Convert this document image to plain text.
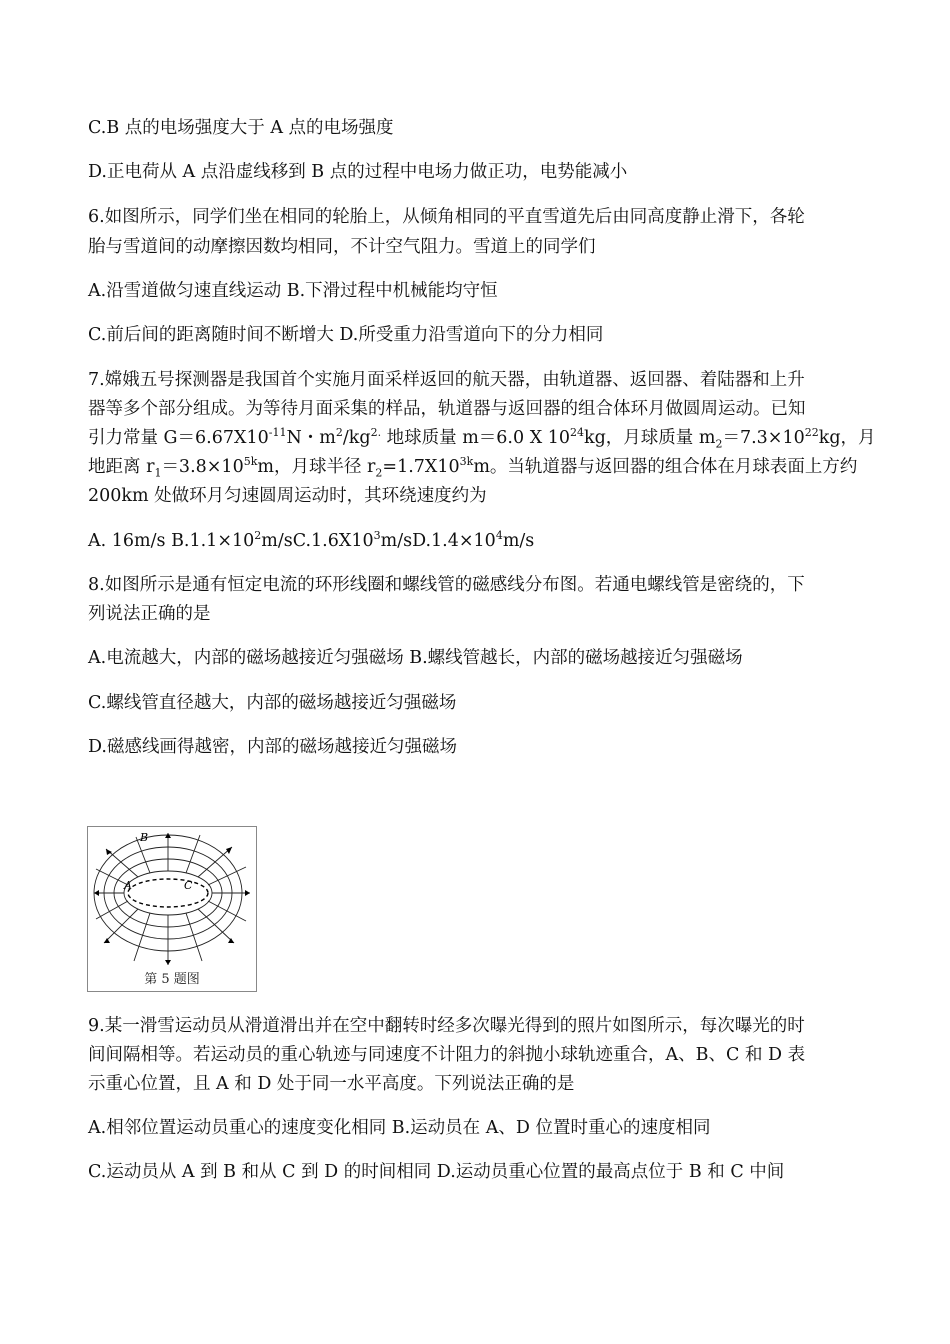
C.B 点的电场强度大于 A 点的电场强度

D.正电荷从 A 点沿虚线移到 B 点的过程中电场力做正功，电势能减小

6.如图所示，同学们坐在相同的轮胎上，从倾角相同的平直雪道先后由同高度静止滑下，各轮

胎与雪道间的动摩擦因数均相同，不计空气阻力。雪道上的同学们

A.沿雪道做匀速直线运动 B.下滑过程中机械能均守恒

C.前后间的距离随时间不断增大 D.所受重力沿雪道向下的分力相同

7.嫦娥五号探测器是我国首个实施月面采样返回的航天器，由轨道器、返回器、着陆器和上升

器等多个部分组成。为等待月面采集的样品，轨道器与返回器的组合体环月做圆周运动。已知

引力常量 $G=6.67X10^{-11}N$・$m^2/kg^{2.}$ 地球质量 m＝6.0 X $10^{24}kg$，月球质量 $m_2=7.3\times 10^{22}kg$，月

地距离 $r_1=3.8\times 10^{5k}m$，月球半径 $r_2=1.7X10^{3k}m$。当轨道器与返回器的组合体在月球表面上方约

200km 处做环月匀速圆周运动时，其环绕速度约为

A. 16m/s $B.1.1\times 10^2m/sC.1.6X10^3m/sD.1.4\times 10^4m/s$

8.如图所示是通有恒定电流的环形线圈和螺线管的磁感线分布图。若通电螺线管是密绕的，下

列说法正确的是

A.电流越大，内部的磁场越接近匀强磁场 B.螺线管越长，内部的磁场越接近匀强磁场

C.螺线管直径越大，内部的磁场越接近匀强磁场

D.磁感线画得越密，内部的磁场越接近匀强磁场

B
A	C
第 5 题图

9.某一滑雪运动员从滑道滑出并在空中翻转时经多次曝光得到的照片如图所示，每次曝光的时

间间隔相等。若运动员的重心轨迹与同速度不计阻力的斜抛小球轨迹重合，A、B、C 和 D 表

示重心位置，且 A 和 D 处于同一水平高度。下列说法正确的是

A.相邻位置运动员重心的速度变化相同 B.运动员在 A、D 位置时重心的速度相同

C.运动员从 A 到 B 和从 C 到 D 的时间相同 D.运动员重心位置的最高点位于 B 和 C 中间
